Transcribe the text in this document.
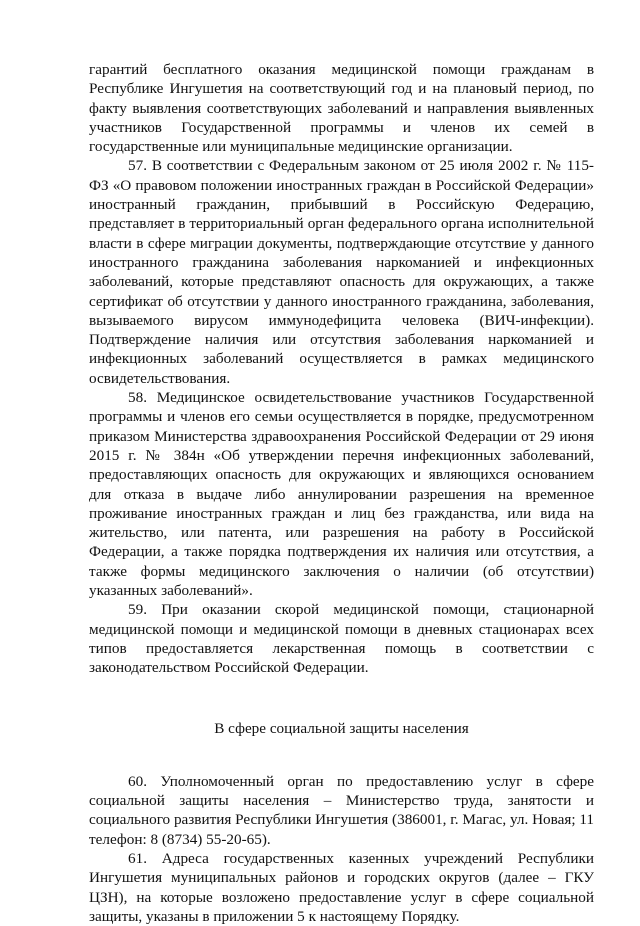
гарантий бесплатного оказания медицинской помощи гражданам в Республике Ингушетия на соответствующий год и на плановый период, по факту выявления соответствующих заболеваний и направления выявленных участников Государственной программы и членов их семей в государственные или муниципальные медицинские организации.

57. В соответствии с Федеральным законом от 25 июля 2002 г. № 115-ФЗ «О правовом положении иностранных граждан в Российской Федерации» иностранный гражданин, прибывший в Российскую Федерацию, представляет в территориальный орган федерального органа исполнительной власти в сфере миграции документы, подтверждающие отсутствие у данного иностранного гражданина заболевания наркоманией и инфекционных заболеваний, которые представляют опасность для окружающих, а также сертификат об отсутствии у данного иностранного гражданина, заболевания, вызываемого вирусом иммунодефицита человека (ВИЧ-инфекции). Подтверждение наличия или отсутствия заболевания наркоманией и инфекционных заболеваний осуществляется в рамках медицинского освидетельствования.

58. Медицинское освидетельствование участников Государственной программы и членов его семьи осуществляется в порядке, предусмотренном приказом Министерства здравоохранения Российской Федерации от 29 июня 2015 г. № 384н «Об утверждении перечня инфекционных заболеваний, предоставляющих опасность для окружающих и являющихся основанием для отказа в выдаче либо аннулировании разрешения на временное проживание иностранных граждан и лиц без гражданства, или вида на жительство, или патента, или разрешения на работу в Российской Федерации, а также порядка подтверждения их наличия или отсутствия, а также формы медицинского заключения о наличии (об отсутствии) указанных заболеваний».

59. При оказании скорой медицинской помощи, стационарной медицинской помощи и медицинской помощи в дневных стационарах всех типов предоставляется лекарственная помощь в соответствии с законодательством Российской Федерации.

В сфере социальной защиты населения

60. Уполномоченный орган по предоставлению услуг в сфере социальной защиты населения – Министерство труда, занятости и социального развития Республики Ингушетия (386001, г. Магас, ул. Новая; 11 телефон: 8 (8734) 55-20-65).

61. Адреса государственных казенных учреждений Республики Ингушетия муниципальных районов и городских округов (далее – ГКУ ЦЗН), на которые возложено предоставление услуг в сфере социальной защиты, указаны в приложении 5 к настоящему Порядку.
